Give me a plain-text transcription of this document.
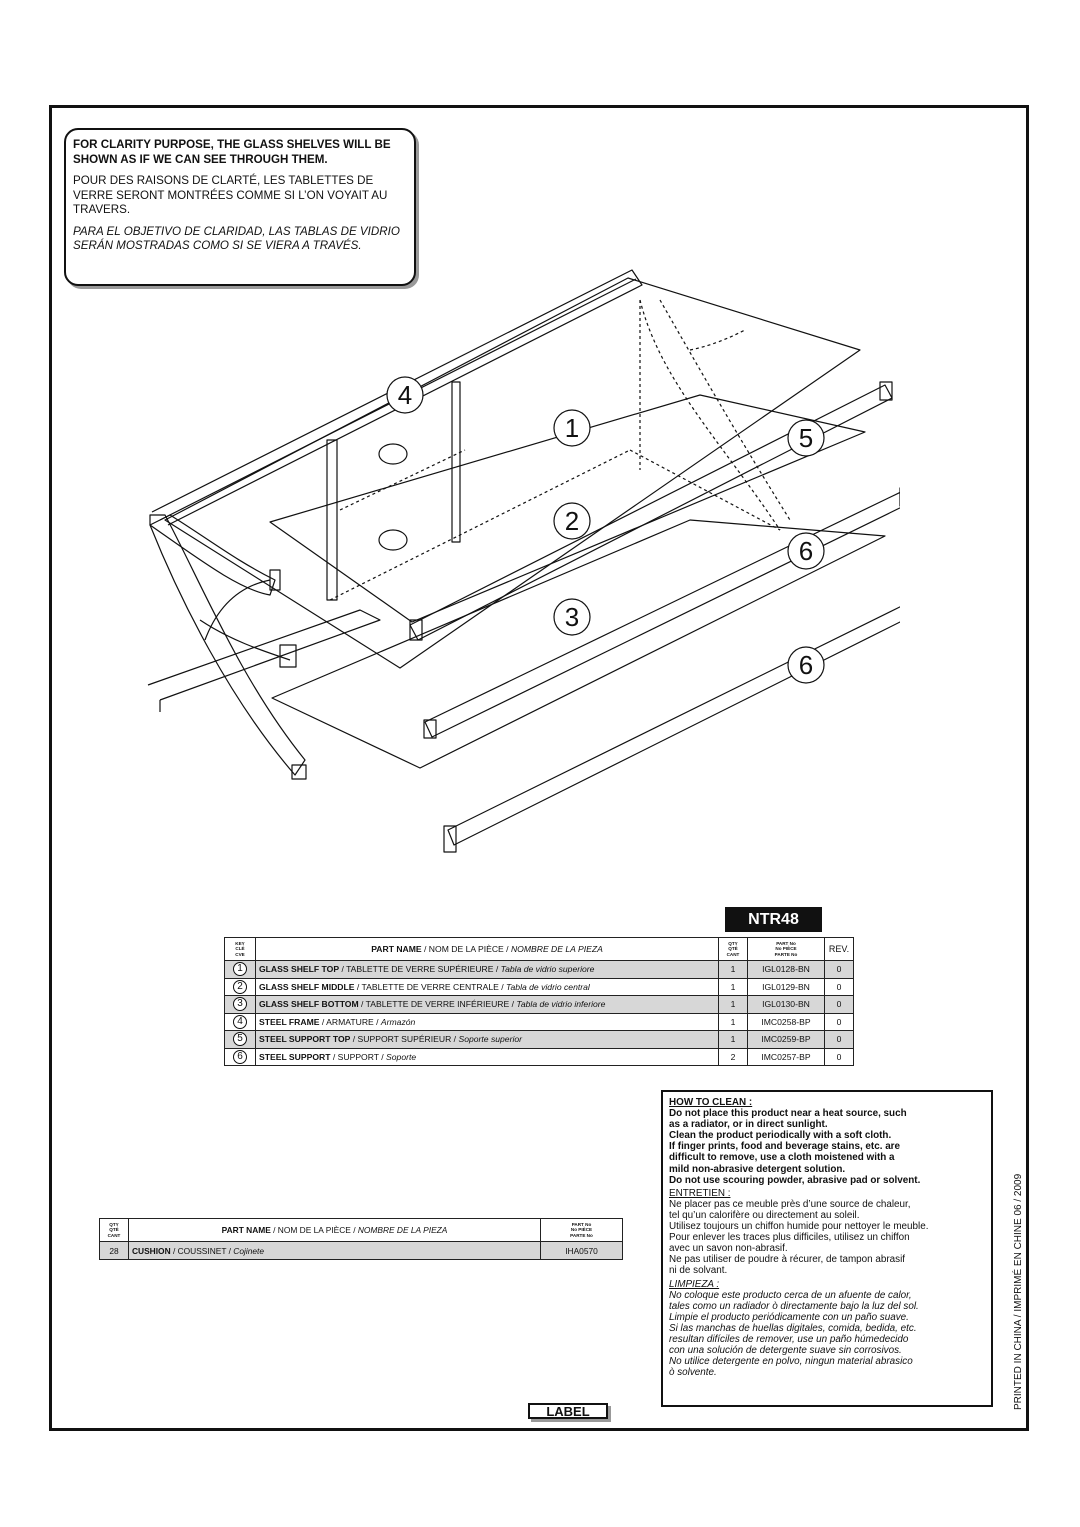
FOR CLARITY PURPOSE, THE GLASS SHELVES WILL BE SHOWN AS IF WE CAN SEE THROUGH THEM.

POUR DES RAISONS DE CLARTÉ, LES TABLETTES DE VERRE SERONT MONTRÉES COMME SI L’ON VOYAIT AU TRAVERS.

PARA EL OBJETIVO DE CLARIDAD, LAS TABLAS DE VIDRIO SERÁN MOSTRADAS COMO SI SE VIERA A TRAVÉS.

4
1	5
2
6
3
6
NTR48
KEY
CLÉ
CVE	PART NAME / NOM DE LA PIÈCE / NOMBRE DE LA PIEZA	QTY
QTÉ
CANT	PART No
No PIÈCE
PARTE No	REV.
1	GLASS SHELF TOP / TABLETTE DE VERRE SUPÉRIEURE / Tabla de vidrio superiore	1	IGL0128-BN	0
2	GLASS SHELF MIDDLE / TABLETTE DE VERRE CENTRALE / Tabla de vidrio central	1	IGL0129-BN	0
3	GLASS SHELF BOTTOM / TABLETTE DE VERRE INFÉRIEURE / Tabla de vidrio inferiore	1	IGL0130-BN	0
4	STEEL FRAME / ARMATURE / Armazón	1	IMC0258-BP	0
5	STEEL SUPPORT TOP / SUPPORT SUPÉRIEUR / Soporte superior	1	IMC0259-BP	0
6	STEEL SUPPORT / SUPPORT / Soporte	2	IMC0257-BP	0
QTY
QTÉ
CANT	PART NAME / NOM DE LA PIÈCE / NOMBRE DE LA PIEZA	PART No
No PIÈCE
PARTE No
28	CUSHION / COUSSINET / Cojinete	IHA0570
HOW TO CLEAN :
Do not place this product near a heat source, such
as a radiator, or in direct sunlight.
Clean the product periodically with a soft cloth.
If finger prints, food and beverage stains, etc. are
difficult to remove, use a cloth moistened with a
mild non-abrasive detergent solution.
Do not use scouring powder, abrasive pad or solvent.
ENTRETIEN :
Ne placer pas ce meuble près d’une source de chaleur,
tel qu’un calorifère ou directement au soleil.
Utilisez toujours un chiffon humide pour nettoyer le meuble.
Pour enlever les traces plus difficiles, utilisez un chiffon
avec un savon non-abrasif.
Ne pas utiliser de poudre à récurer, de tampon abrasif
ni de solvant.
LIMPIEZA :
No coloque este producto cerca de un afuente de calor,
tales como un radiador ò directamente bajo la luz del sol.
Limpie el producto periódicamente con un paño suave.
Si las manchas de huellas digitales, comida, bedida, etc.
resultan difíciles de remover, use un paño húmedecido
con una solución de detergente suave sin corrosivos.
No utilice detergente en polvo, ningun material abrasico
ò solvente.
LABEL
PRINTED IN CHINA / IMPRIMÉ EN CHINE 06 / 2009
